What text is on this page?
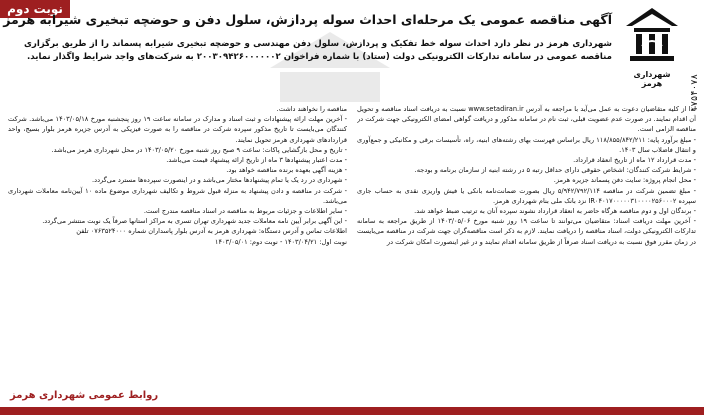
نوبت دوم
۱۷۵۴۰۷۸
شهرداری هرمز
آگهی مناقصه عمومی یک مرحله‌ای احداث سوله پردازش، سلول دفن و حوضچه تبخیری شیرابه هرمز
شهرداری هرمز در نظر دارد احداث سوله خط تفکیک و پردازش، سلول دفن مهندسی و حوضچه تبخیری شیرابه پسماند را از طریق برگزاری مناقصه عمومی در سامانه تدارکات الکترونیکی دولت (ستاد) با شماره فراخوان ۲۰۰۳۰۹۴۲۶۰۰۰۰۰۰۲ به شرکت‌های واجد شرایط واگذار نماید.

لذا از کلیه متقاضیان دعوت به عمل می‌آید با مراجعه به آدرس www.setadiran.ir نسبت به دریافت اسناد مناقصه و تحویل آن اقدام نمایند. در صورت عدم عضویت قبلی، ثبت نام در سامانه مذکور و دریافت گواهی امضای الکترونیکی جهت شرکت در مناقصه الزامی است.

- مبلغ برآورد پایه: ۱۱۸/۸۵۵/۸۴۲/۲۱۱ ریال براساس فهرست بهای رشته‌های ابنیه، راه، تأسیسات برقی و مکانیکی و جمع‌آوری و انتقال فاضلاب سال ۱۴۰۳.

- مدت قرارداد ۱۲ ماه از تاریخ انعقاد قرارداد.

- شرایط شرکت کنندگان: اشخاص حقوقی دارای حداقل رتبه ۵ در رشته ابنیه از سازمان برنامه و بودجه.

- محل انجام پروژه: سایت دفن پسماند جزیره هرمز.

- مبلغ تضمین شرکت در مناقصه ۵/۹۴۲/۷۹۲/۱۱۴ ریال بصورت ضمانت‌نامه بانکی یا فیش واریزی نقدی به حساب جاری سپرده IR۰۴۰۱۷۰۰۰۰۰۳۱۰۰۰۰۲۵۶۰۰۰۲ نزد بانک ملی بنام شهرداری هرمز.

- برندگان اول و دوم مناقصه هرگاه حاضر به انعقاد قرارداد نشوند سپرده آنان به ترتیب ضبط خواهد شد.

- آخرین مهلت دریافت اسناد: متقاضیان می‌توانند تا ساعت ۱۹ روز شنبه مورخ ۱۴۰۳/۰۵/۰۶ از طریق مراجعه به سامانه تدارکات الکترونیکی دولت، اسناد مناقصه را دریافت نمایند. لازم به ذکر است مناقصه‌گران جهت شرکت در مناقصه می‌بایست در زمان مقرر فوق نسبت به دریافت اسناد صرفاً از طریق سامانه اقدام نمایند و در غیر اینصورت امکان شرکت در

مناقصه را نخواهند داشت.

- آخرین مهلت ارائه پیشنهادات و ثبت اسناد و مدارک در سامانه ساعت ۱۹ روز پنجشنبه مورخ ۱۴۰۳/۰۵/۱۸ می‌باشد. شرکت کنندگان می‌بایست تا تاریخ مذکور سپرده شرکت در مناقصه را به صورت فیزیکی به آدرس جزیره هرمز بلوار بسیج، واحد قراردادهای شهرداری هرمز تحویل نمایند.

- تاریخ و محل بازگشایی پاکات: ساعت ۹ صبح روز شنبه مورخ ۱۴۰۳/۰۵/۲۰ در محل شهرداری هرمز می‌باشد.

- مدت اعتبار پیشنهادها ۳ ماه از تاریخ ارائه پیشنهاد قیمت می‌باشد.

- هزینه آگهی بعهده برنده مناقصه خواهد بود.

- شهرداری در رد یک یا تمام پیشنهادها مختار می‌باشد و در اینصورت سپرده‌ها مسترد می‌گردد.

- شرکت در مناقصه و دادن پیشنهاد به منزله قبول شروط و تکالیف شهرداری موضوع ماده ۱۰ آیین‌نامه معاملات شهرداری می‌باشد.

- سایر اطلاعات و جزئیات مربوط به مناقصه در اسناد مناقصه مندرج است.

- این آگهی برابر آیین نامه معاملات جدید شهرداری تهران تسری به مراکز استانها صرفاً یک نوبت منتشر می‌گردد.

اطلاعات تماس و آدرس دستگاه: شهرداری هرمز به آدرس بلوار پاسداران شماره ۰۷۶۳۵۲۴۰۰۰ تلفن

نوبت اول: ۱۴۰۳/۰۴/۲۱ - نوبت دوم: ۱۴۰۳/۰۵/۰۱

روابط عمومی شهرداری هرمز
